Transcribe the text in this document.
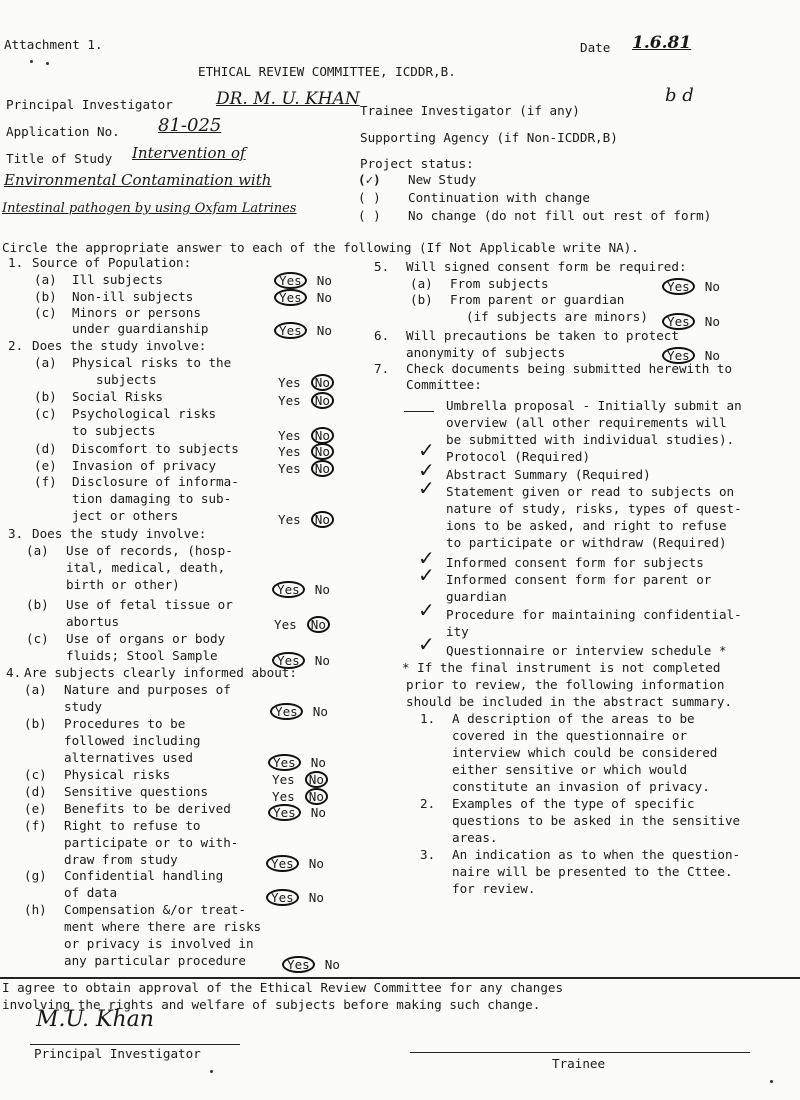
Attachment 1.	Date 1.6.81
ETHICAL REVIEW COMMITTEE, ICDDR,B.
Principal Investigator	DR. M. U. KHAN
Trainee Investigator (if any)
b d
Application No. 81-025
Supporting Agency (if Non-ICDDR,B)
Title of Study Intervention of
Environmental Contamination with
Intestinal pathogen by using Oxfam Latrines
Project status:
(✓) New Study
( ) Continuation with change
( ) No change (do not fill out rest of form)
Circle the appropriate answer to each of the following (If Not Applicable write NA).
1. Source of Population:
(a) Ill subjects	Yes No
(b) Non-ill subjects	Yes No
(c) Minors or persons
under guardianship	Yes No
2. Does the study involve:
(a) Physical risks to the
subjects	Yes No
(b) Social Risks	Yes No
(c) Psychological risks
to subjects	Yes No
(d) Discomfort to subjects	Yes No
(e) Invasion of privacy	Yes No
(f) Disclosure of informa-
tion damaging to sub-
ject or others	Yes No
3. Does the study involve:
(a) Use of records, (hosp-
ital, medical, death,
birth or other)	Yes No
(b) Use of fetal tissue or
abortus	Yes No
(c) Use of organs or body
fluids; Stool Sample	Yes No
4. Are subjects clearly informed about:
(a) Nature and purposes of
study	Yes No
(b) Procedures to be
followed including
alternatives used	Yes No
(c) Physical risks	Yes No
(d) Sensitive questions	Yes No
(e) Benefits to be derived	Yes No
(f) Right to refuse to
participate or to with-
draw from study	Yes No
(g) Confidential handling
of data	Yes No
(h) Compensation &/or treat-
ment where there are risks
or privacy is involved in
any particular procedure	Yes No
5. Will signed consent form be required:
(a) From subjects	Yes No
(b) From parent or guardian
(if subjects are minors)	Yes No
6. Will precautions be taken to protect
anonymity of subjects	Yes No
7. Check documents being submitted herewith to
Committee:
Umbrella proposal - Initially submit an
overview (all other requirements will
be submitted with individual studies).
✓ Protocol (Required)
✓ Abstract Summary (Required)
✓ Statement given or read to subjects on
nature of study, risks, types of quest-
ions to be asked, and right to refuse
to participate or withdraw (Required)
✓ Informed consent form for subjects
✓ Informed consent form for parent or
guardian
✓ Procedure for maintaining confidential-
ity
✓ Questionnaire or interview schedule *
* If the final instrument is not completed
prior to review, the following information
should be included in the abstract summary.
1. A description of the areas to be
covered in the questionnaire or
interview which could be considered
either sensitive or which would
constitute an invasion of privacy.
2. Examples of the type of specific
questions to be asked in the sensitive
areas.
3. An indication as to when the question-
naire will be presented to the Cttee.
for review.
I agree to obtain approval of the Ethical Review Committee for any changes
involving the rights and welfare of subjects before making such change.
M.U. Khan
Principal Investigator
Trainee
